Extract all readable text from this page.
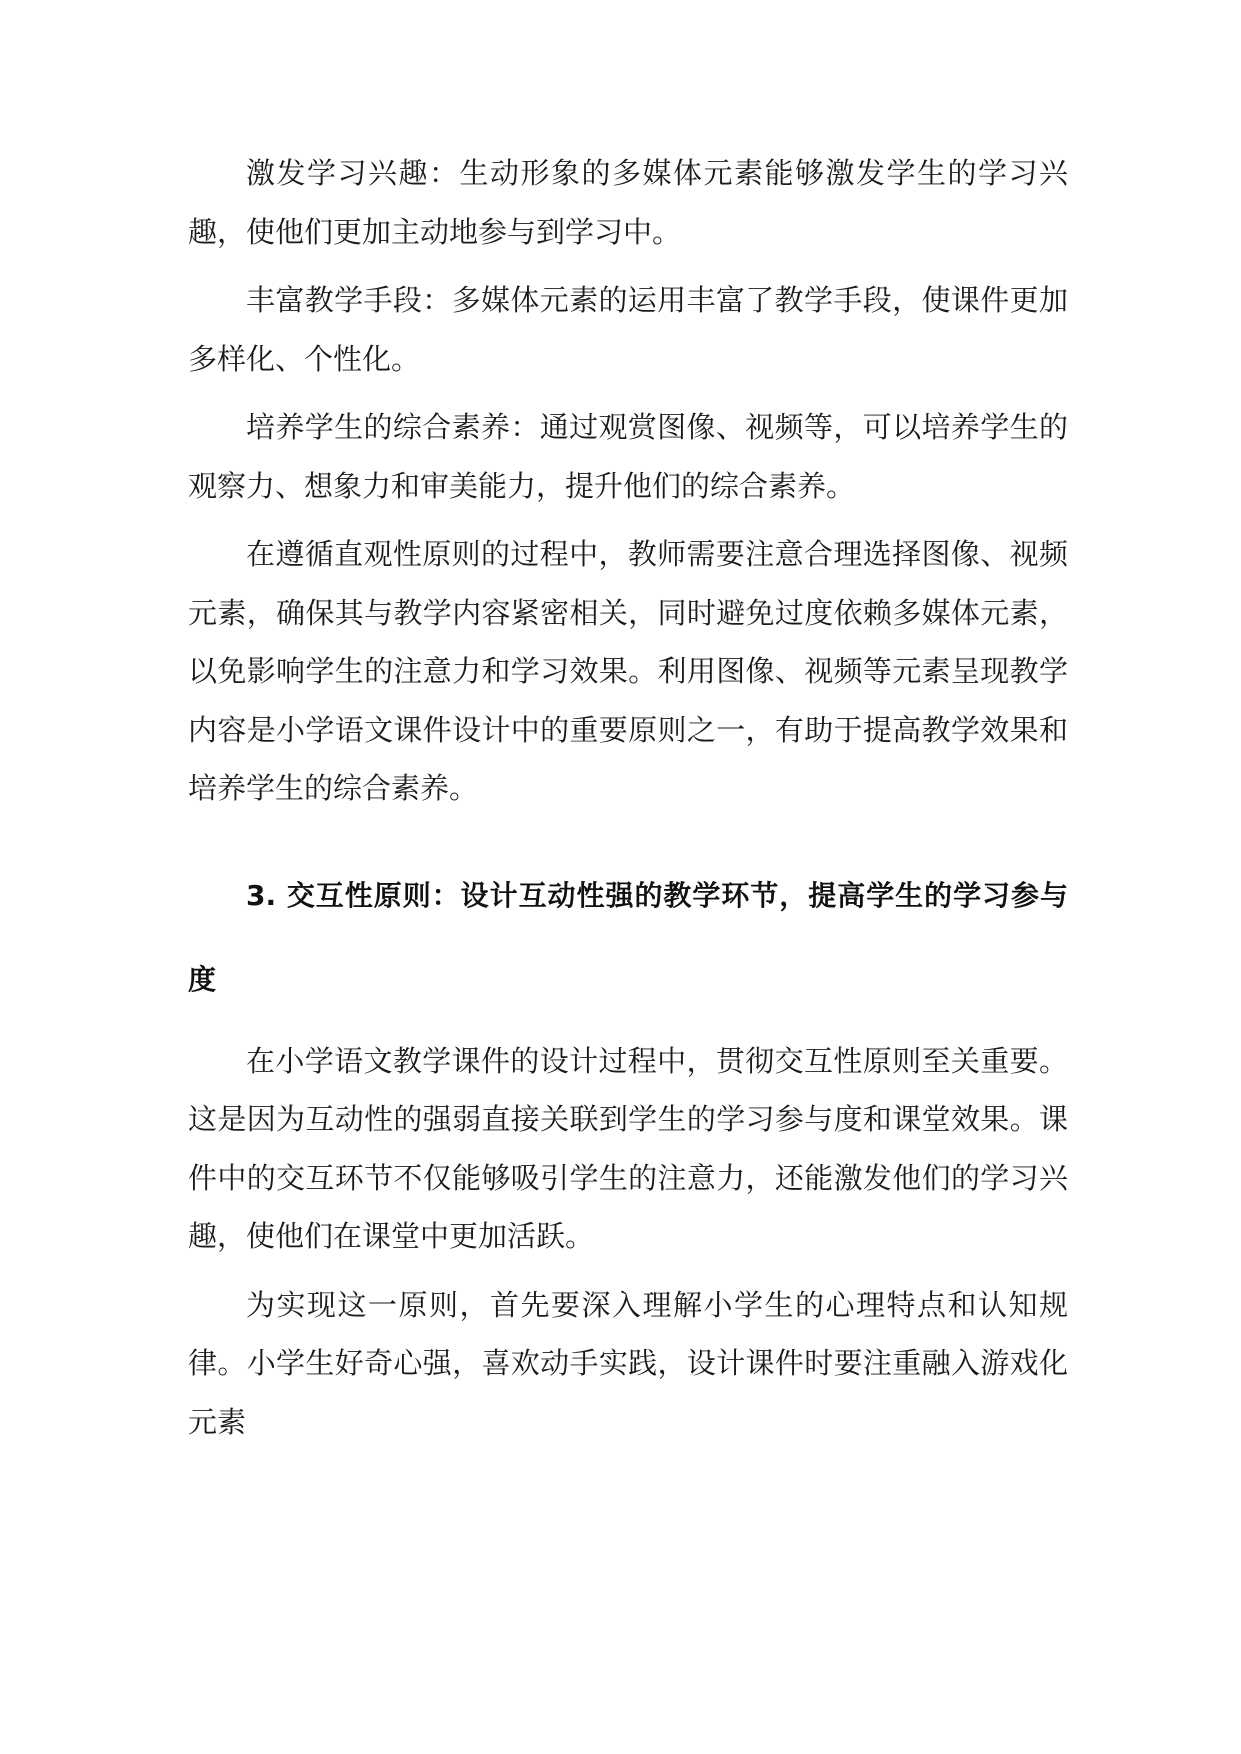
激发学习兴趣：生动形象的多媒体元素能够激发学生的学习兴趣，使他们更加主动地参与到学习中。

丰富教学手段：多媒体元素的运用丰富了教学手段，使课件更加多样化、个性化。

培养学生的综合素养：通过观赏图像、视频等，可以培养学生的观察力、想象力和审美能力，提升他们的综合素养。

在遵循直观性原则的过程中，教师需要注意合理选择图像、视频元素，确保其与教学内容紧密相关，同时避免过度依赖多媒体元素，以免影响学生的注意力和学习效果。利用图像、视频等元素呈现教学内容是小学语文课件设计中的重要原则之一，有助于提高教学效果和培养学生的综合素养。

3. 交互性原则：设计互动性强的教学环节，提高学生的学习参与度

在小学语文教学课件的设计过程中，贯彻交互性原则至关重要。这是因为互动性的强弱直接关联到学生的学习参与度和课堂效果。课件中的交互环节不仅能够吸引学生的注意力，还能激发他们的学习兴趣，使他们在课堂中更加活跃。

为实现这一原则，首先要深入理解小学生的心理特点和认知规律。小学生好奇心强，喜欢动手实践，设计课件时要注重融入游戏化元素
